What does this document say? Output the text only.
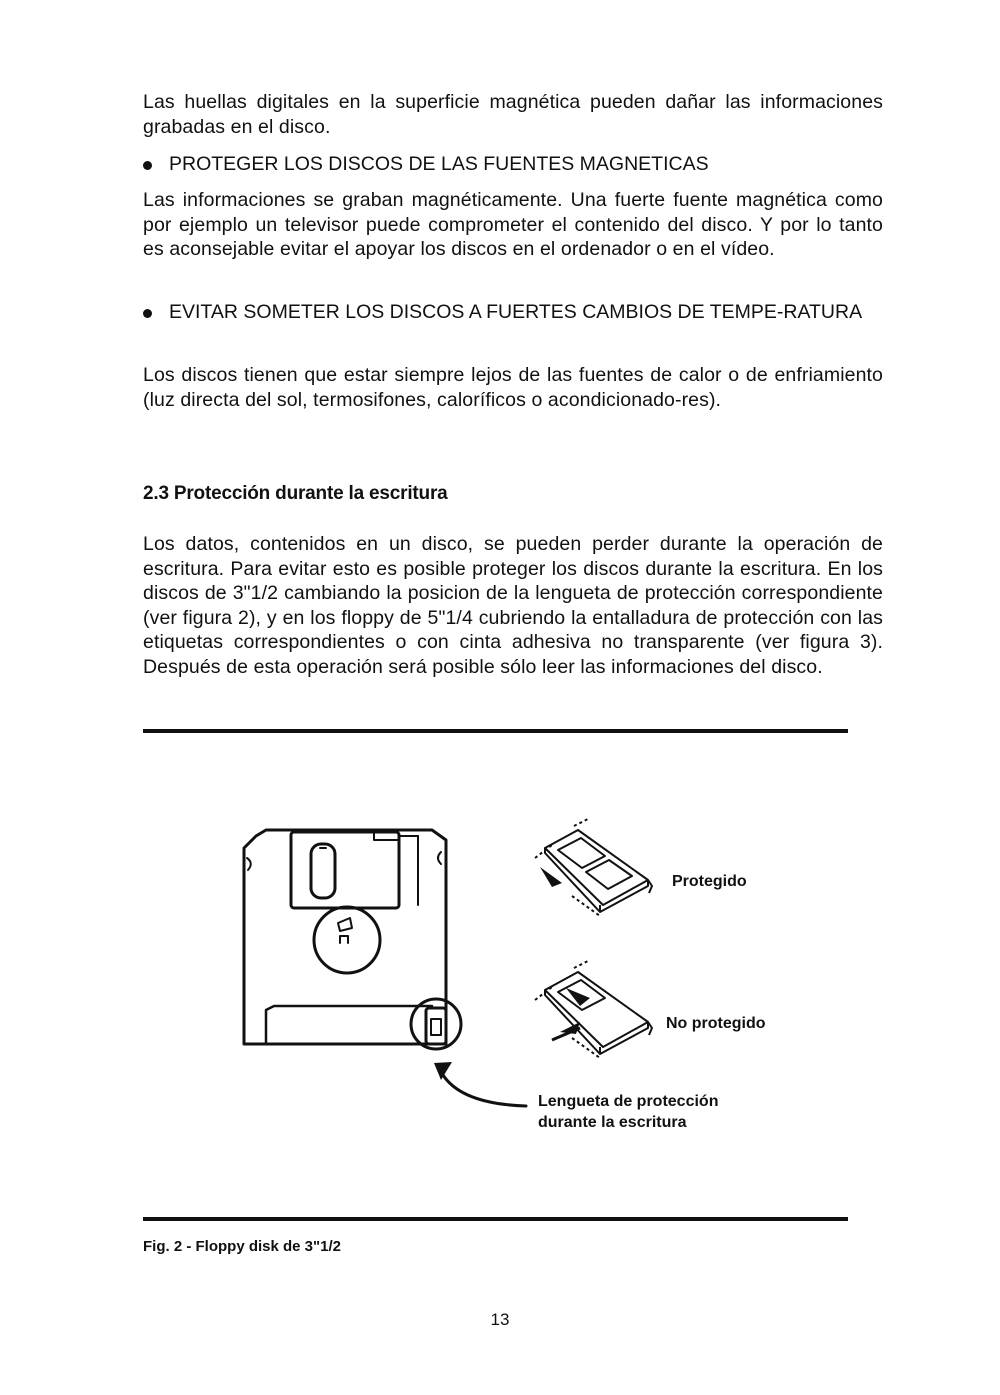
Las huellas digitales en la superficie magnética pueden dañar las informaciones grabadas en el disco.
PROTEGER LOS DISCOS DE LAS FUENTES MAGNETICAS
Las informaciones se graban magnéticamente. Una fuerte fuente magnética como por ejemplo un televisor puede comprometer el contenido del disco. Y por lo tanto es aconsejable evitar el apoyar los discos en el ordenador o en el vídeo.
EVITAR SOMETER LOS DISCOS A FUERTES CAMBIOS DE TEMPE-RATURA
Los discos tienen que estar siempre lejos de las fuentes de calor o de enfriamiento (luz directa del sol, termosifones, caloríficos o acondicionado-res).
2.3 Protección durante la escritura
Los datos, contenidos en un disco, se pueden perder durante la operación de escritura. Para evitar esto es posible proteger los discos durante la escritura. En los discos de 3"1/2 cambiando la posicion de la lengueta de protección correspondiente (ver figura 2), y en los floppy de 5"1/4 cubriendo la entalladura de protección con las etiquetas correspondientes o con cinta adhesiva no transparente (ver figura 3). Después de esta operación será posible sólo leer las informaciones del disco.
Protegido
No protegido
Lengueta de protección
durante la escritura
Fig. 2 - Floppy disk de 3"1/2
13
